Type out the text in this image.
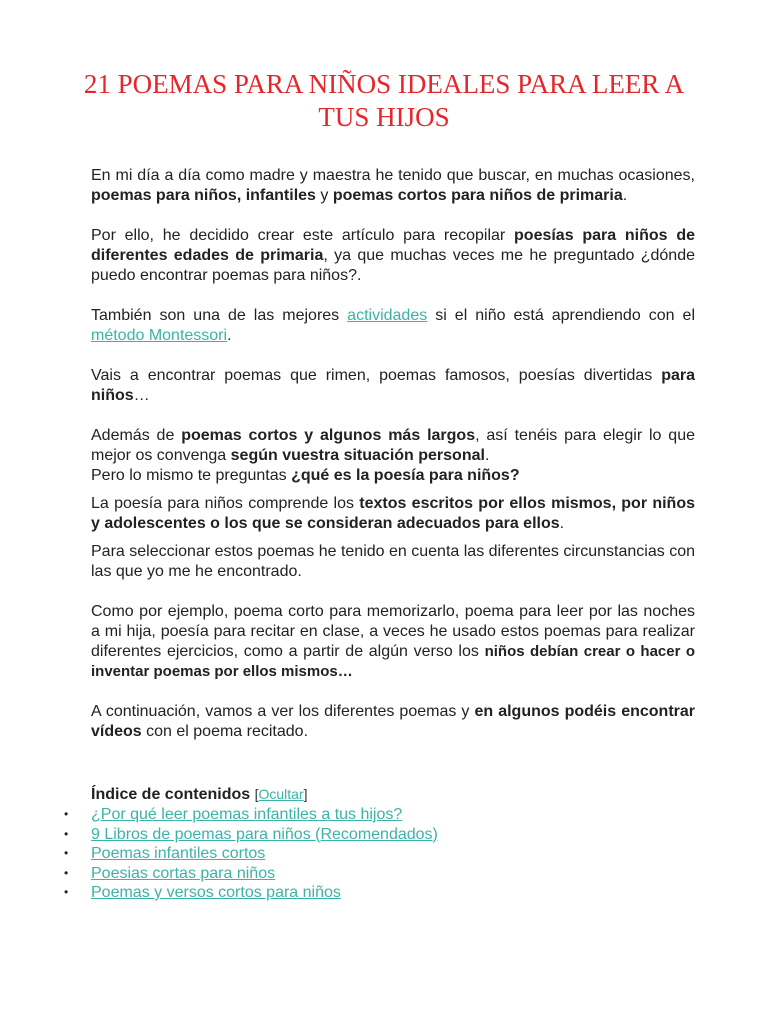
21 POEMAS PARA NIÑOS IDEALES PARA LEER A TUS HIJOS

En mi día a día como madre y maestra he tenido que buscar, en muchas ocasiones, poemas para niños, infantiles y poemas cortos para niños de primaria.

Por ello, he decidido crear este artículo para recopilar poesías para niños de diferentes edades de primaria, ya que muchas veces me he preguntado ¿dónde puedo encontrar poemas para niños?.

También son una de las mejores actividades si el niño está aprendiendo con el método Montessori.

Vais a encontrar poemas que rimen, poemas famosos, poesías divertidas para niños…

Además de poemas cortos y algunos más largos, así tenéis para elegir lo que mejor os convenga según vuestra situación personal.

Pero lo mismo te preguntas ¿qué es la poesía para niños?

La poesía para niños comprende los textos escritos por ellos mismos, por niños y adolescentes o los que se consideran adecuados para ellos.

Para seleccionar estos poemas he tenido en cuenta las diferentes circunstancias con las que yo me he encontrado.

Como por ejemplo, poema corto para memorizarlo, poema para leer por las noches a mi hija, poesía para recitar en clase, a veces he usado estos poemas para realizar diferentes ejercicios, como a partir de algún verso los niños debían crear o hacer o inventar poemas por ellos mismos…

A continuación, vamos a ver los diferentes poemas y en algunos podéis encontrar vídeos con el poema recitado.

Índice de contenidos [Ocultar]
• ¿Por qué leer poemas infantiles a tus hijos?
• 9 Libros de poemas para niños (Recomendados)
• Poemas infantiles cortos
• Poesias cortas para niños
• Poemas y versos cortos para niños
